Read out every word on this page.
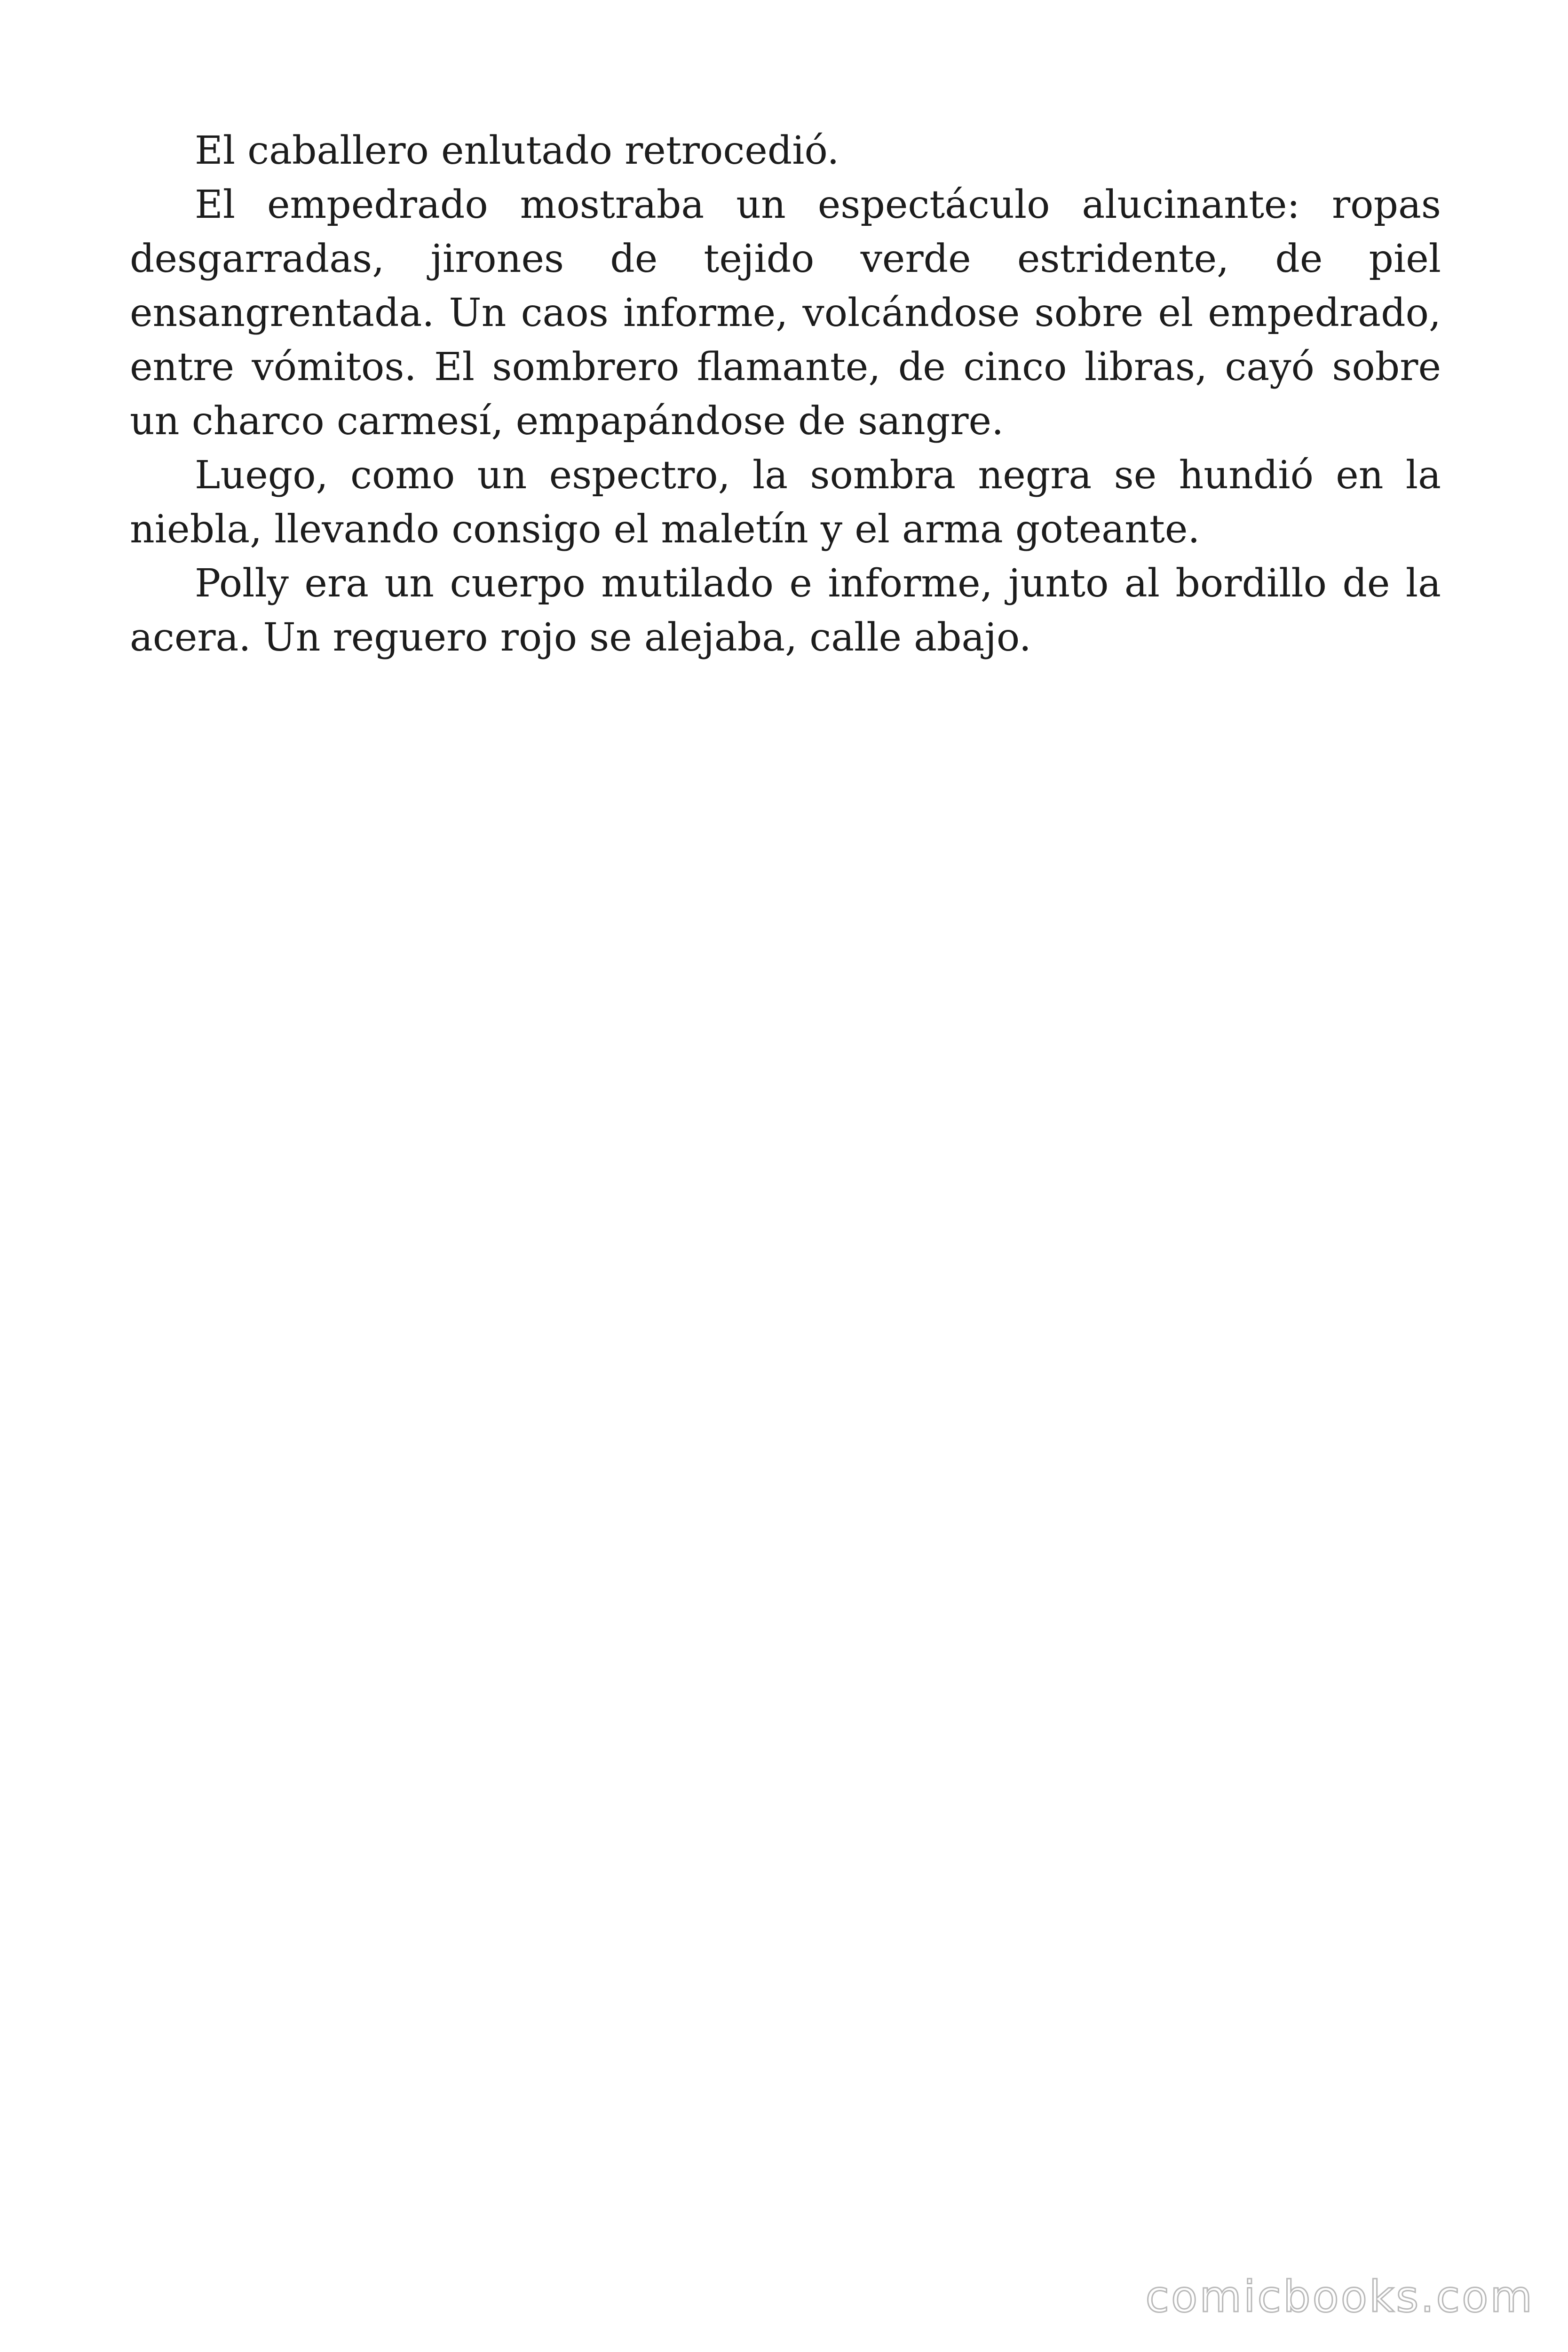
El caballero enlutado retrocedió.

El empedrado mostraba un espectáculo alucinante: ropas desgarradas, jirones de tejido verde estridente, de piel ensangrentada. Un caos informe, volcándose sobre el empedrado, entre vómitos. El sombrero flamante, de cinco libras, cayó sobre un charco carmesí, empapándose de sangre.

Luego, como un espectro, la sombra negra se hundió en la niebla, llevando consigo el maletín y el arma goteante.

Polly era un cuerpo mutilado e informe, junto al bordillo de la acera. Un reguero rojo se alejaba, calle abajo.

comicbooks.com
